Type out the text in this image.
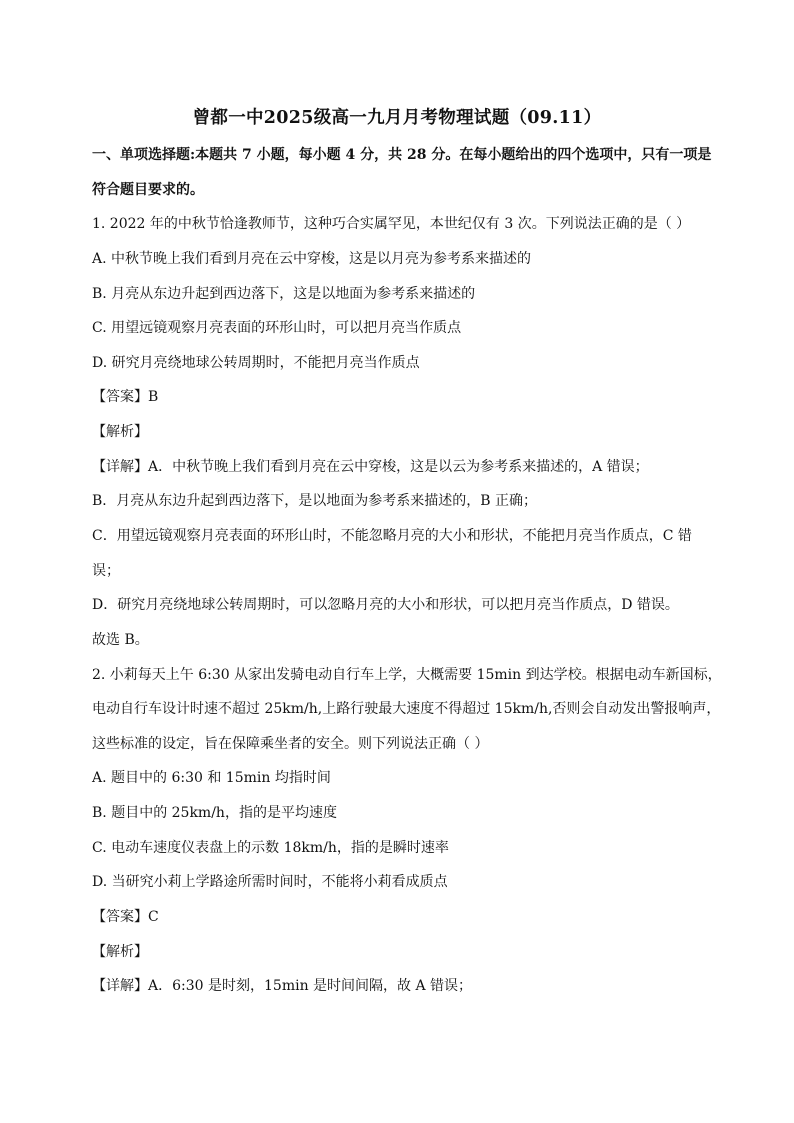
曾都一中2025级高一九月月考物理试题（09.11）
一、单项选择题:本题共 7 小题，每小题 4 分，共 28 分。在每小题给出的四个选项中，只有一项是
符合题目要求的。
1. 2022 年的中秋节恰逢教师节，这种巧合实属罕见，本世纪仅有 3 次。下列说法正确的是（ ）
A. 中秋节晚上我们看到月亮在云中穿梭，这是以月亮为参考系来描述的
B. 月亮从东边升起到西边落下，这是以地面为参考系来描述的
C. 用望远镜观察月亮表面的环形山时，可以把月亮当作质点
D. 研究月亮绕地球公转周期时，不能把月亮当作质点
【答案】B
【解析】
【详解】A．中秋节晚上我们看到月亮在云中穿梭，这是以云为参考系来描述的，A 错误；
B．月亮从东边升起到西边落下，是以地面为参考系来描述的，B 正确；
C．用望远镜观察月亮表面的环形山时，不能忽略月亮的大小和形状，不能把月亮当作质点，C 错
误；
D．研究月亮绕地球公转周期时，可以忽略月亮的大小和形状，可以把月亮当作质点，D 错误。
故选 B。
2. 小莉每天上午 6:30 从家出发骑电动自行车上学，大概需要 15min 到达学校。根据电动车新国标，
电动自行车设计时速不超过 25km/h,上路行驶最大速度不得超过 15km/h,否则会自动发出警报响声，
这些标准的设定，旨在保障乘坐者的安全。则下列说法正确（ ）
A. 题目中的 6:30 和 15min 均指时间
B. 题目中的 25km/h，指的是平均速度
C. 电动车速度仪表盘上的示数 18km/h，指的是瞬时速率
D. 当研究小莉上学路途所需时间时，不能将小莉看成质点
【答案】C
【解析】
【详解】A．6:30 是时刻，15min 是时间间隔，故 A 错误；
